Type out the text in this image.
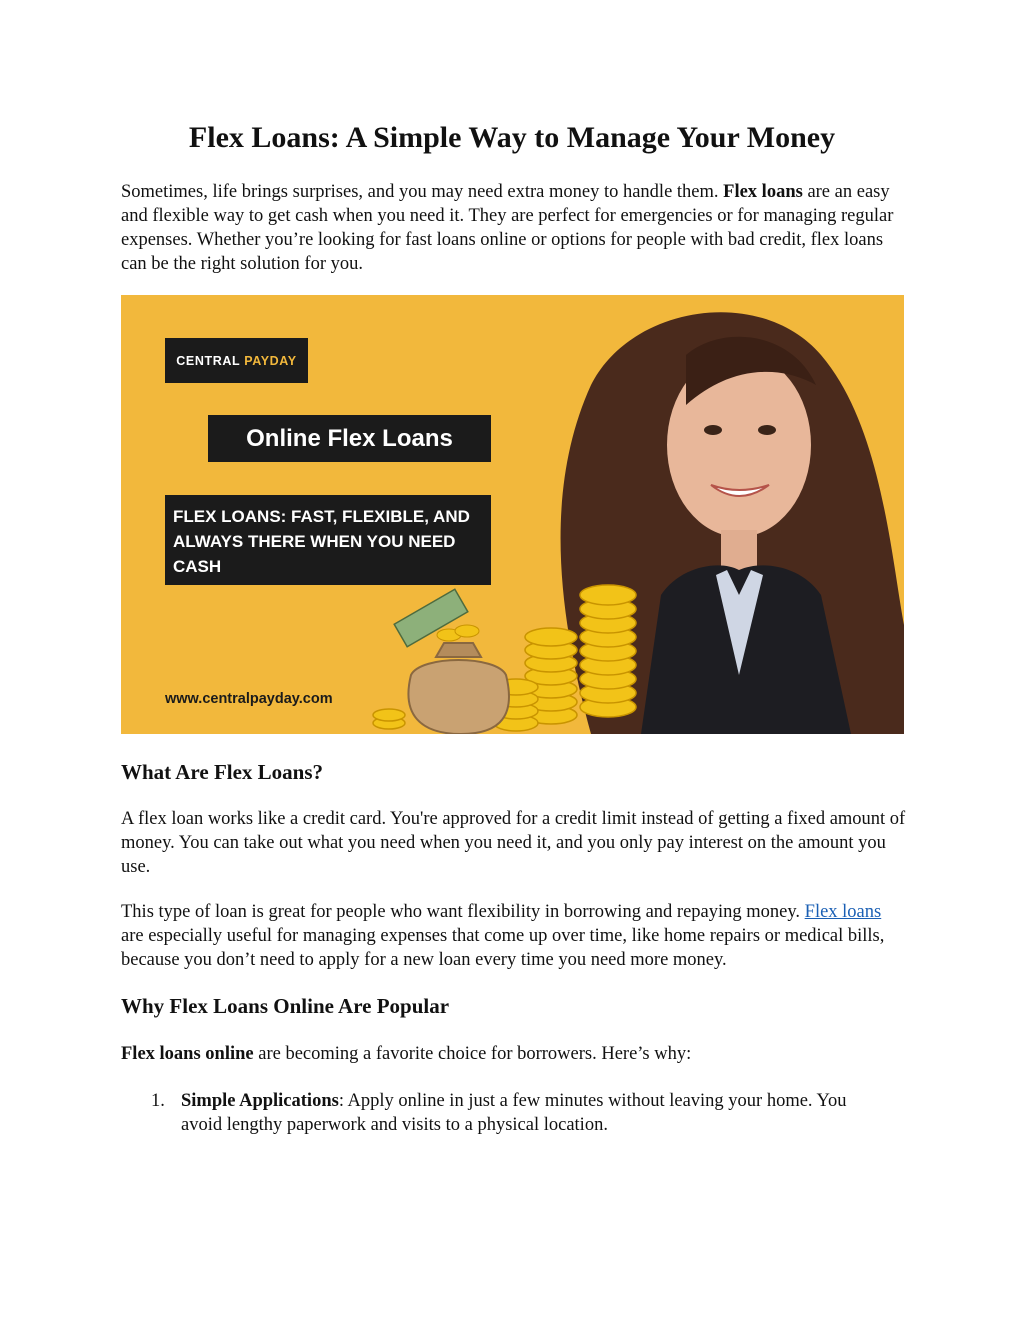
Flex Loans: A Simple Way to Manage Your Money

Sometimes, life brings surprises, and you may need extra money to handle them. Flex loans are an easy and flexible way to get cash when you need it. They are perfect for emergencies or for managing regular expenses. Whether you’re looking for fast loans online or options for people with bad credit, flex loans can be the right solution for you.

CENTRAL PAYDAY
Online Flex Loans
FLEX LOANS: FAST, FLEXIBLE, AND ALWAYS THERE WHEN YOU NEED CASH
www.centralpayday.com
What Are Flex Loans?

A flex loan works like a credit card. You're approved for a credit limit instead of getting a fixed amount of money. You can take out what you need when you need it, and you only pay interest on the amount you use.

This type of loan is great for people who want flexibility in borrowing and repaying money. Flex loans are especially useful for managing expenses that come up over time, like home repairs or medical bills, because you don’t need to apply for a new loan every time you need more money.

Why Flex Loans Online Are Popular

Flex loans online are becoming a favorite choice for borrowers. Here’s why:

1. Simple Applications: Apply online in just a few minutes without leaving your home. You avoid lengthy paperwork and visits to a physical location.
